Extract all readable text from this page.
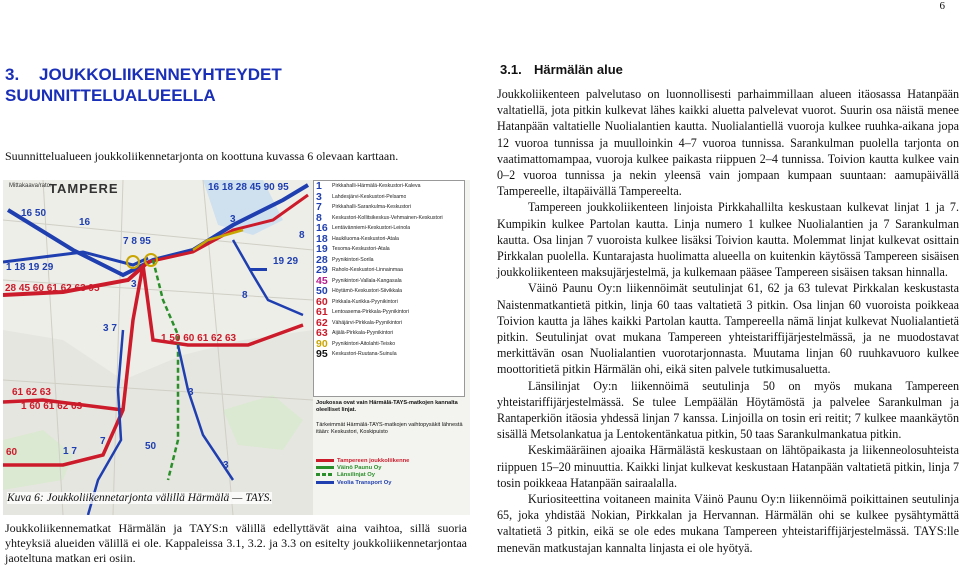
6
3. JOUKKOLIIKENNEYHTEYDET SUUNNITTELUALUEELLA
Suunnittelualueen joukkoliikennetarjonta on koottuna kuvassa 6 olevaan karttaan.
16 50
16
7 8 95
1 18 19 29
28 45 60 61 62 63 95	3
3 7
1 50 60 61 62 63
16 18 28 45 90 95
3
8
19 29
8
61 62 63
1 60 61 62 63
3
60	1 7
7	50
3
Mittakaava/rato:
TAMPERE	1	Pirkkahalli-Härmälä-Keskustori-Kaleva
3	Lahdesjärvi-Keskustori-Pelsamo
7	Pirkkahalli-Sarankulma-Keskustori
8	Keskustori-Kollitsikeskus-Vehmainen-Keskustori
16 Lentävänniemi-Keskustori-Leinola
18 Haukiluoma-Keskustori-Atala
19 Tesoma-Keskustori-Atala
28 Pyynikintori-Sorila
29 Raholo-Keskustori-Linnainmaa
45 Pyynikintori-Vallala-Kangasala
50 Höytämö-Keskustori-Siivikkala
60 Pirkkala-Kurikka-Pyynikintori
61 Lentoasema-Pirkkala-Pyynikintori
62 Vähäjärvi-Pirkkala-Pyynikintori
63 Äijälä-Pirkkala-Pyynikintori
90 Pyynikintori-Aitolahti-Teisko
95 Keskustori-Ruutana-Suinula
Joukossa ovat vain Härmälä-TAYS-matkojen kannalta oleelliset linjat.
Tärkeimmät Härmälä-TAYS-matkojen vaihtopysäkit lähnestä itään: Keskustori, Koskipuisto
Tampereen joukkoliikenne
Väinö Paunu Oy
Länsilinjat Oy
Veolia Transport Oy
Kuva 6: Joukkoliikennetarjonta välillä Härmälä — TAYS.
Joukkoliikennematkat Härmälän ja TAYS:n välillä edellyttävät aina vaihtoa, sillä suoria yhteyksiä alueiden välillä ei ole. Kappaleissa 3.1, 3.2. ja 3.3 on esitelty joukkoliikennetarjontaa jaoteltuna matkan eri osiin.
3.1. Härmälän alue

Joukkoliikenteen palvelutaso on luonnollisesti parhaimmillaan alueen itäosassa Hatanpään valtatiellä, jota pitkin kulkevat lähes kaikki aluetta palvelevat vuorot. Suurin osa näistä menee Hatanpään valtatielle Nuolialantien kautta. Nuolialantiellä vuoroja kulkee ruuhka-aikana jopa 12 vuoroa tunnissa ja muulloinkin 4–7 vuoroa tunnissa. Sarankulman puolella tarjonta on vaatimattomampaa, vuoroja kulkee paikasta riippuen 2–4 tunnissa. Toivion kautta kulkee vain 0–2 vuoroa tunnissa ja nekin yleensä vain jompaan kumpaan suuntaan: aamupäivällä Tampereelle, iltapäivällä Tampereelta.

Tampereen joukkoliikenteen linjoista Pirkkahallilta keskustaan kulkevat linjat 1 ja 7. Kumpikin kulkee Partolan kautta. Linja numero 1 kulkee Nuolialantien ja 7 Sarankulman kautta. Osa linjan 7 vuoroista kulkee lisäksi Toivion kautta. Molemmat linjat kulkevat osittain Pirkkalan puolella. Kuntarajasta huolimatta alueella on kuitenkin käytössä Tampereen sisäisen joukkoliikenteen maksujärjestelmä, ja kulkemaan pääsee Tampereen sisäisen taksan hinnalla.

Väinö Paunu Oy:n liikennöimät seutulinjat 61, 62 ja 63 tulevat Pirkkalan keskustasta Naistenmatkantietä pitkin, linja 60 taas valtatietä 3 pitkin. Osa linjan 60 vuoroista poikkeaa Toivion kautta ja lähes kaikki Partolan kautta. Tampereella nämä linjat kulkevat Nuolialantietä pitkin. Seutulinjat ovat mukana Tampereen yhteistariffijärjestelmässä, ja ne muodostavat merkittävän osan Nuolialantien vuorotarjonnasta. Muutama linjan 60 ruuhkavuoro kulkee moottoritietä pitkin Härmälän ohi, eikä siten palvele tutkimusaluetta.

Länsilinjat Oy:n liikennöimä seutulinja 50 on myös mukana Tampereen yhteistariffijärjestelmässä. Se tulee Lempäälän Höytämöstä ja palvelee Sarankulman ja Rantaperkiön itäosia yhdessä linjan 7 kanssa. Linjoilla on tosin eri reitit; 7 kulkee maankäytön sisällä Metsolankatua ja Lentokentänkatua pitkin, 50 taas Sarankulmankatua pitkin.

Keskimääräinen ajoaika Härmälästä keskustaan on lähtöpaikasta ja liikenneolosuhteista riippuen 15–20 minuuttia. Kaikki linjat kulkevat keskustaan Hatanpään valtatietä pitkin, linja 7 tosin poikkeaa Hatanpään sairaalalla.

Kuriositeettina voitaneen mainita Väinö Paunu Oy:n liikennöimä poikittainen seutulinja 65, joka yhdistää Nokian, Pirkkalan ja Hervannan. Härmälän ohi se kulkee pysähtymättä valtatietä 3 pitkin, eikä se ole edes mukana Tampereen yhteistariffijärjestelmässä. TAYS:lle menevän matkustajan kannalta linjasta ei ole hyötyä.
